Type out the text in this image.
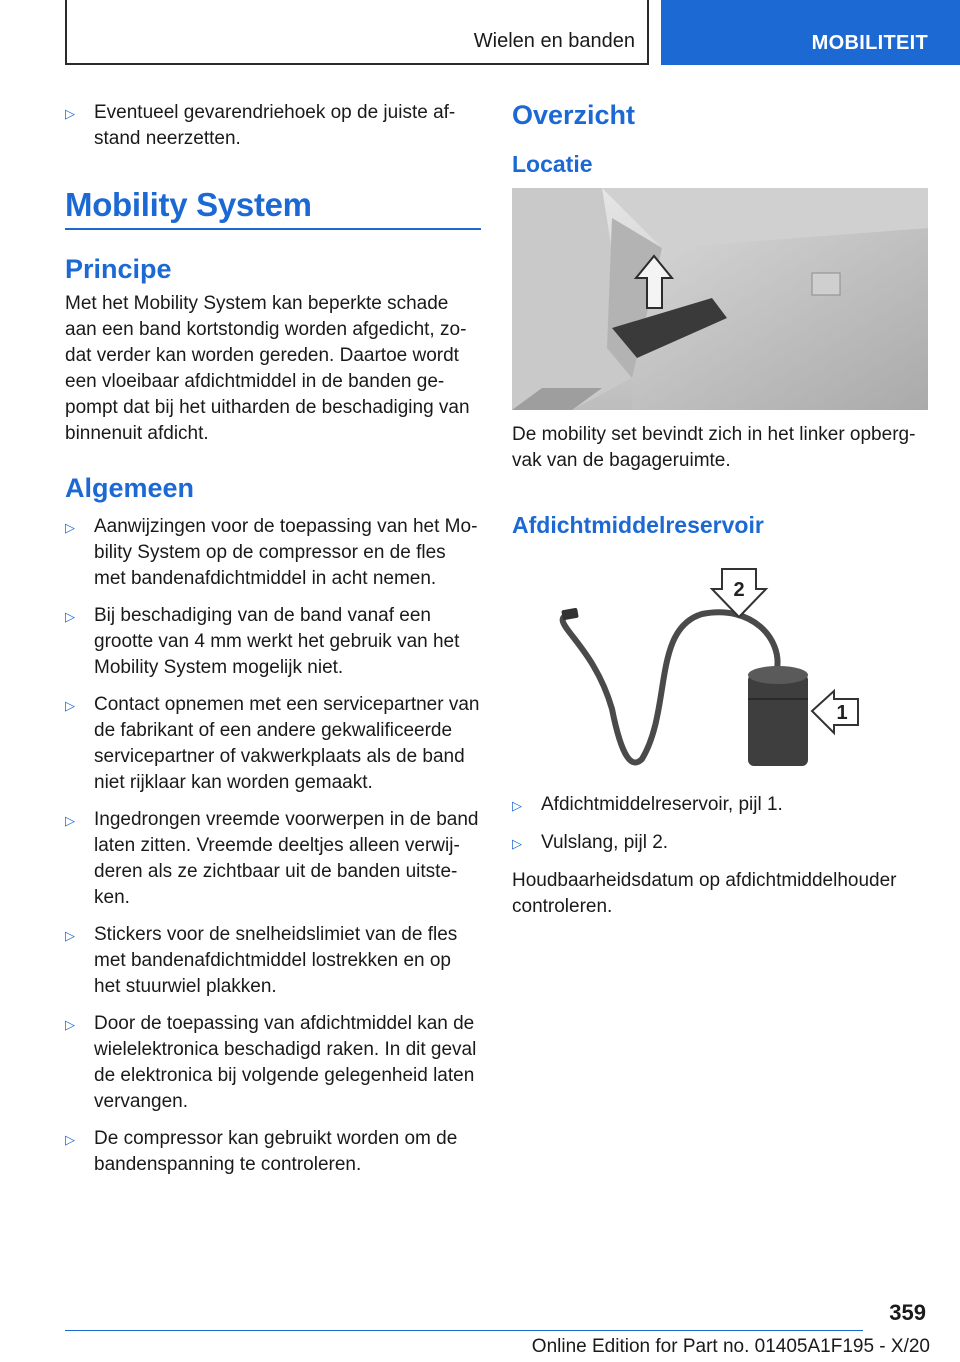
Wielen en banden	MOBILITEIT
▷	Eventueel gevarendriehoek op de juiste afstand neerzetten.
Mobility System
Principe
Met het Mobility System kan beperkte schade aan een band kortstondig worden afgedicht, zodat verder kan worden gereden. Daartoe wordt een vloeibaar afdichtmiddel in de banden gepompt dat bij het uitharden de beschadiging van binnenuit afdicht.
Algemeen
▷	Aanwijzingen voor de toepassing van het Mobility System op de compressor en de fles met bandenafdichtmiddel in acht nemen.
▷	Bij beschadiging van de band vanaf een grootte van 4 mm werkt het gebruik van het Mobility System mogelijk niet.
▷	Contact opnemen met een servicepartner van de fabrikant of een andere gekwalificeerde servicepartner of vakwerkplaats als de band niet rijklaar kan worden gemaakt.
▷	Ingedrongen vreemde voorwerpen in de band laten zitten. Vreemde deeltjes alleen verwijderen als ze zichtbaar uit de banden uitsteken.
▷	Stickers voor de snelheidslimiet van de fles met bandenafdichtmiddel lostrekken en op het stuurwiel plakken.
▷	Door de toepassing van afdichtmiddel kan de wielelektronica beschadigd raken. In dit geval de elektronica bij volgende gelegenheid laten vervangen.
▷	De compressor kan gebruikt worden om de bandenspanning te controleren.
Overzicht
Locatie
De mobility set bevindt zich in het linker opbergvak van de bagageruimte.
Afdichtmiddelreservoir
2
1
▷	Afdichtmiddelreservoir, pijl 1.
▷	Vulslang, pijl 2.
Houdbaarheidsdatum op afdichtmiddelhouder controleren.
359
Online Edition for Part no. 01405A1F195 - X/20
